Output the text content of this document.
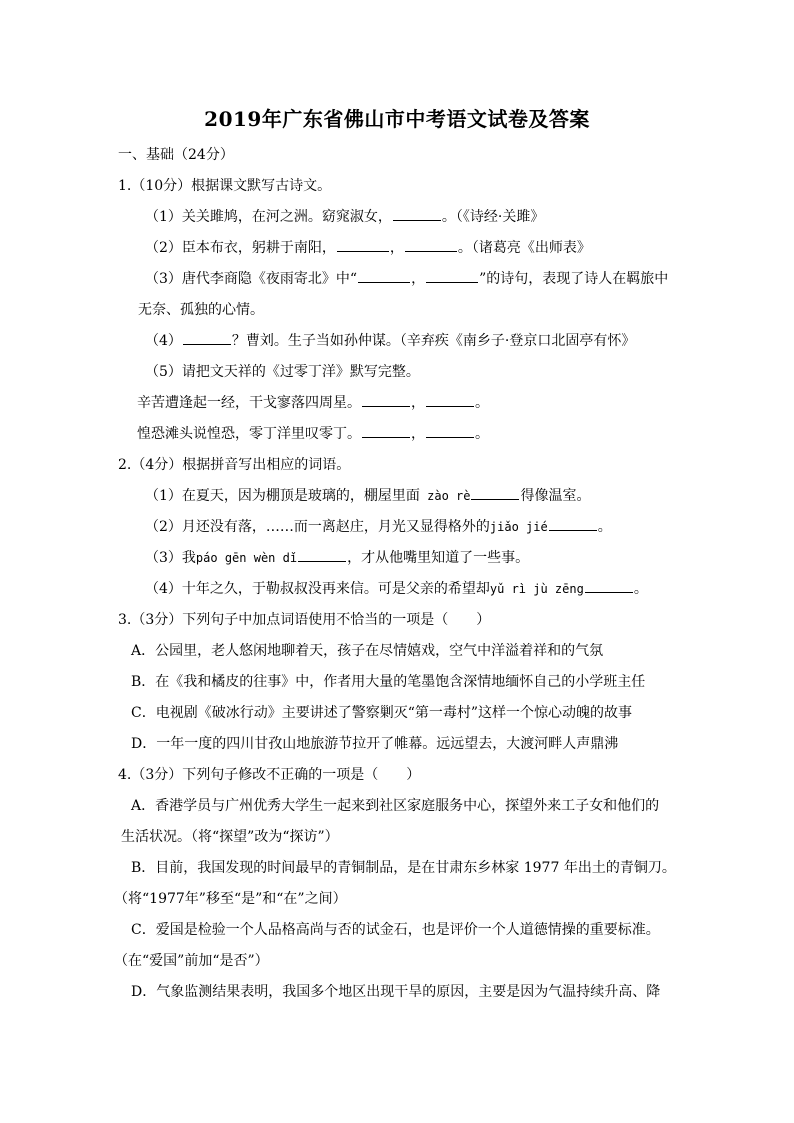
2019年广东省佛山市中考语文试卷及答案
一、基础（24分）
1.（10分）根据课文默写古诗文。
（1）关关雎鸠，在河之洲。窈窕淑女，	。（《诗经·关雎》
（2）臣本布衣，躬耕于南阳，	，	。（诸葛亮《出师表》
（3）唐代李商隐《夜雨寄北》中“	，	”的诗句，表现了诗人在羁旅中
无奈、孤独的心情。
（4）	？曹刘。生子当如孙仲谋。（辛弃疾《南乡子·登京口北固亭有怀》
（5）请把文天祥的《过零丁洋》默写完整。
辛苦遭逢起一经，干戈寥落四周星。	，	。
惶恐滩头说惶恐，零丁洋里叹零丁。	，	。
2.（4分）根据拼音写出相应的词语。
（1）在夏天，因为棚顶是玻璃的，棚屋里面 zào rè	得像温室。
（2）月还没有落，……而一离赵庄，月光又显得格外的jiǎo jié	。
（3）我páo gēn wèn dǐ	，才从他嘴里知道了一些事。
（4）十年之久，于勒叔叔没再来信。可是父亲的希望却yǔ rì jù zēng	。
3.（3分）下列句子中加点词语使用不恰当的一项是（　　）
A．公园里，老人悠闲地聊着天，孩子在尽情嬉戏，空气中洋溢着祥和的气氛
B．在《我和橘皮的往事》中，作者用大量的笔墨饱含深情地缅怀自己的小学班主任
C．电视剧《破冰行动》主要讲述了警察剿灭“第一毒村”这样一个惊心动魄的故事
D．一年一度的四川甘孜山地旅游节拉开了帷幕。远远望去，大渡河畔人声鼎沸
4.（3分）下列句子修改不正确的一项是（　　）
A．香港学员与广州优秀大学生一起来到社区家庭服务中心，探望外来工子女和他们的
生活状况。（将“探望”改为“探访”）
B．目前，我国发现的时间最早的青铜制品，是在甘肃东乡林家 1977 年出土的青铜刀。
（将“1977年”移至“是”和“在”之间）
C．爱国是检验一个人品格高尚与否的试金石，也是评价一个人道德情操的重要标准。
（在“爱国”前加“是否”）
D．气象监测结果表明，我国多个地区出现干旱的原因，主要是因为气温持续升高、降
